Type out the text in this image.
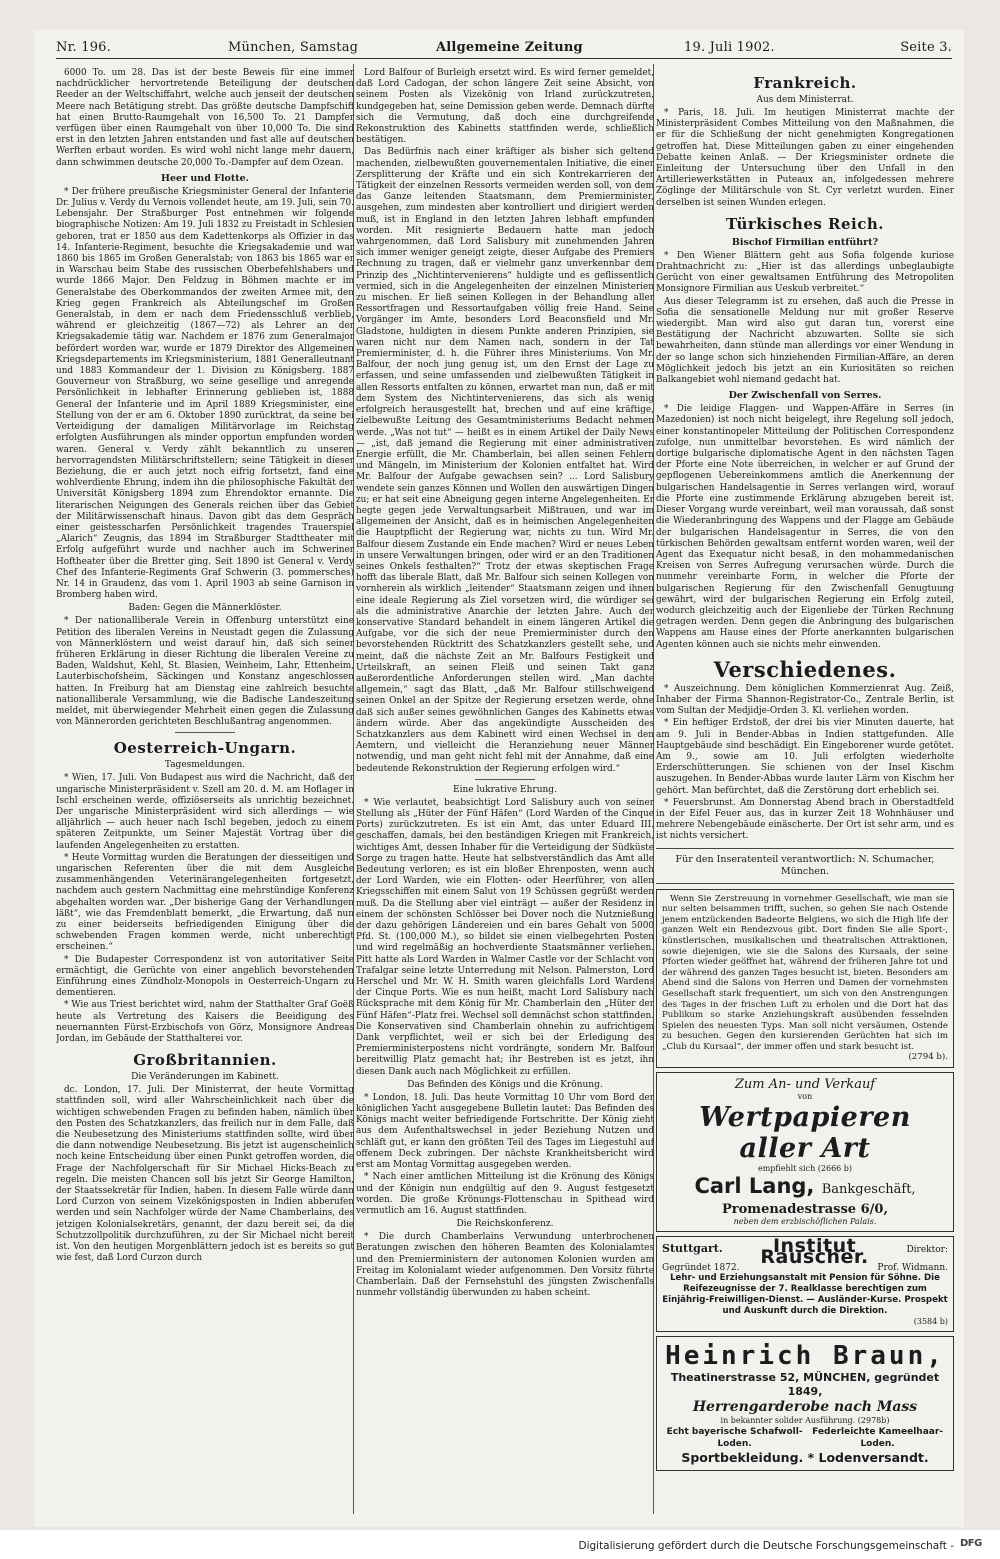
Nr. 196.	München, Samstag	Allgemeine Zeitung	19. Juli 1902.	Seite 3.

6000 To. um 28. Das ist der beste Beweis für eine immer nachdrücklicher hervortretende Beteiligung der deutschen Reeder an der Weltschiffahrt, welche auch jenseit der deutschen Meere nach Betätigung strebt. Das größte deutsche Dampfschiff hat einen Brutto-Raumgehalt von 16,500 To. 21 Dampfer verfügen über einen Raumgehalt von über 10,000 To. Die sind erst in den letzten Jahren entstanden und fast alle auf deutschen Werften erbaut worden. Es wird wohl nicht lange mehr dauern, dann schwimmen deutsche 20,000 To.-Dampfer auf dem Ozean.

Heer und Flotte.

* Der frühere preußische Kriegsminister General der Infanterie Dr. Julius v. Verdy du Vernois vollendet heute, am 19. Juli, sein 70. Lebensjahr. Der Straßburger Post entnehmen wir folgende biographische Notizen: Am 19. Juli 1832 zu Freistadt in Schlesien geboren, trat er 1850 aus dem Kadettenkorps als Offizier in das 14. Infanterie-Regiment, besuchte die Kriegsakademie und war 1860 bis 1865 im Großen Generalstab; von 1863 bis 1865 war er in Warschau beim Stabe des russischen Oberbefehlshabers und wurde 1866 Major. Den Feldzug in Böhmen machte er im Generalstabe des Oberkommandos der zweiten Armee mit, den Krieg gegen Frankreich als Abteilungschef im Großen Generalstab, in dem er nach dem Friedensschluß verblieb, während er gleichzeitig (1867—72) als Lehrer an der Kriegsakademie tätig war. Nachdem er 1876 zum Generalmajor befördert worden war, wurde er 1879 Direktor des Allgemeinen Kriegsdepartements im Kriegsministerium, 1881 Generalleutnant und 1883 Kommandeur der 1. Division zu Königsberg. 1887 Gouverneur von Straßburg, wo seine gesellige und anregende Persönlichkeit in lebhafter Erinnerung geblieben ist, 1888 General der Infanterie und im April 1889 Kriegsminister, eine Stellung von der er am 6. Oktober 1890 zurücktrat, da seine bei Verteidigung der damaligen Militärvorlage im Reichstag erfolgten Ausführungen als minder opportun empfunden worden waren. General v. Verdy zählt bekanntlich zu unseren hervorragendsten Militärschriftstellern; seine Tätigkeit in dieser Beziehung, die er auch jetzt noch eifrig fortsetzt, fand eine wohlverdiente Ehrung, indem ihn die philosophische Fakultät der Universität Königsberg 1894 zum Ehrendoktor ernannte. Die literarischen Neigungen des Generals reichen über das Gebiet der Militärwissenschaft hinaus. Davon gibt das dem Gespräch einer geistesscharfen Persönlichkeit tragendes Trauerspiel „Alarich“ Zeugnis, das 1894 im Straßburger Stadttheater mit Erfolg aufgeführt wurde und nachher auch im Schweriner Hoftheater über die Bretter ging. Seit 1890 ist General v. Verdy Chef des Infanterie-Regiments Graf Schwerin (3. pommersches) Nr. 14 in Graudenz, das vom 1. April 1903 ab seine Garnison in Bromberg haben wird.

Baden: Gegen die Männerklöster.

* Der nationalliberale Verein in Offenburg unterstützt eine Petition des liberalen Vereins in Neustadt gegen die Zulassung von Männerklöstern und weist darauf hin, daß sich seiner früheren Erklärung in dieser Richtung die liberalen Vereine zu Baden, Waldshut, Kehl, St. Blasien, Weinheim, Lahr, Ettenheim, Lauterbischofsheim, Säckingen und Konstanz angeschlossen hatten. In Freiburg hat am Dienstag eine zahlreich besuchte nationalliberale Versammlung, wie die Badische Landeszeitung meldet, mit überwiegender Mehrheit einen gegen die Zulassung von Männerorden gerichteten Beschlußantrag angenommen.

Oesterreich-Ungarn.
Tagesmeldungen.

* Wien, 17. Juli. Von Budapest aus wird die Nachricht, daß der ungarische Ministerpräsident v. Szell am 20. d. M. am Hoflager in Ischl erscheinen werde, offiziöserseits als unrichtig bezeichnet. Der ungarische Ministerpräsident wird sich allerdings — wie alljährlich — auch heuer nach Ischl begeben, jedoch zu einem späteren Zeitpunkte, um Seiner Majestät Vortrag über die laufenden Angelegenheiten zu erstatten.

* Heute Vormittag wurden die Beratungen der diesseitigen und ungarischen Referenten über die mit dem Ausgleiche zusammenhängenden Veterinärangelegenheiten fortgesetzt, nachdem auch gestern Nachmittag eine mehrstündige Konferenz abgehalten worden war. „Der bisherige Gang der Verhandlungen läßt“, wie das Fremdenblatt bemerkt, „die Erwartung, daß nun zu einer beiderseits befriedigenden Einigung über die schwebenden Fragen kommen werde, nicht unberechtigt erscheinen.“

* Die Budapester Correspondenz ist von autoritativer Seite ermächtigt, die Gerüchte von einer angeblich bevorstehenden Einführung eines Zündholz-Monopols in Oesterreich-Ungarn zu dementieren.

* Wie aus Triest berichtet wird, nahm der Statthalter Graf Goëß heute als Vertretung des Kaisers die Beeidigung des neuernannten Fürst-Erzbischofs von Görz, Monsignore Andreas Jordan, im Gebäude der Statthalterei vor.

Großbritannien.
Die Veränderungen im Kabinett.

dc. London, 17. Juli. Der Ministerrat, der heute Vormittag stattfinden soll, wird aller Wahrscheinlichkeit nach über die wichtigen schwebenden Fragen zu befinden haben, nämlich über den Posten des Schatzkanzlers, das freilich nur in dem Falle, daß die Neubesetzung des Ministeriums stattfinden sollte, wird über die dann notwendige Neubesetzung. Bis jetzt ist augenscheinlich noch keine Entscheidung über einen Punkt getroffen worden, die Frage der Nachfolgerschaft für Sir Michael Hicks-Beach zu regeln. Die meisten Chancen soll bis jetzt Sir George Hamilton, der Staatssekretär für Indien, haben. In diesem Falle würde dann Lord Curzon von seinem Vizekönigsposten in Indien abberufen werden und sein Nachfolger würde der Name Chamberlains, des jetzigen Kolonialsekretärs, genannt, der dazu bereit sei, da die Schutzzollpolitik durchzuführen, zu der Sir Michael nicht bereit ist. Von den heutigen Morgenblättern jedoch ist es bereits so gut wie fest, daß Lord Curzon durch

Lord Balfour of Burleigh ersetzt wird. Es wird ferner gemeldet, daß Lord Cadogan, der schon längere Zeit seine Absicht, von seinem Posten als Vizekönig von Irland zurückzutreten, kundgegeben hat, seine Demission geben werde. Demnach dürfte sich die Vermutung, daß doch eine durchgreifende Rekonstruktion des Kabinetts stattfinden werde, schließlich bestätigen.

Das Bedürfnis nach einer kräftiger als bisher sich geltend machenden, zielbewußten gouvernementalen Initiative, die einer Zersplitterung der Kräfte und ein sich Kontrekarrieren der Tätigkeit der einzelnen Ressorts vermeiden werden soll, von dem das Ganze leitenden Staatsmann, dem Premierminister, ausgehen, zum mindesten aber kontrolliert und dirigiert werden muß, ist in England in den letzten Jahren lebhaft empfunden worden. Mit resignierte Bedauern hatte man jedoch wahrgenommen, daß Lord Salisbury mit zunehmenden Jahren sich immer weniger geneigt zeigte, dieser Aufgabe des Premiers Rechnung zu tragen, daß er vielmehr ganz unverkennbar dem Prinzip des „Nichtintervenierens“ huldigte und es geflissentlich vermied, sich in die Angelegenheiten der einzelnen Ministerien zu mischen. Er ließ seinen Kollegen in der Behandlung aller Ressortfragen und Ressortaufgaben völlig freie Hand. Seine Vorgänger im Amte, besonders Lord Beaconsfield und Mr. Gladstone, huldigten in diesem Punkte anderen Prinzipien, sie waren nicht nur dem Namen nach, sondern in der Tat Premierminister, d. h. die Führer ihres Ministeriums. Von Mr. Balfour, der noch jung genug ist, um den Ernst der Lage zu erfassen, und seine umfassenden und zielbewußten Tätigkeit in allen Ressorts entfalten zu können, erwartet man nun, daß er mit dem System des Nichtintervenierens, das sich als wenig erfolgreich herausgestellt hat, brechen und auf eine kräftige, zielbewußte Leitung des Gesamtministeriums Bedacht nehmen werde. „Was not tut“ — heißt es in einem Artikel der Daily News — „ist, daß jemand die Regierung mit einer administrativen Energie erfüllt, die Mr. Chamberlain, bei allen seinen Fehlern und Mängeln, im Ministerium der Kolonien entfaltet hat. Wird Mr. Balfour der Aufgabe gewachsen sein? ... Lord Salisbury wendete sein ganzes Können und Wollen den auswärtigen Dingen zu; er hat seit eine Abneigung gegen interne Angelegenheiten. Er hegte gegen jede Verwaltungsarbeit Mißtrauen, und war im allgemeinen der Ansicht, daß es in heimischen Angelegenheiten die Hauptpflicht der Regierung war, nichts zu tun. Wird Mr. Balfour diesem Zustande ein Ende machen? Wird er neues Leben in unsere Verwaltungen bringen, oder wird er an den Traditionen seines Onkels festhalten?“ Trotz der etwas skeptischen Frage hofft das liberale Blatt, daß Mr. Balfour sich seinen Kollegen von vornherein als wirklich „leitender“ Staatsmann zeigen und ihnen eine ideale Regierung als Ziel vorsetzen wird, die würdiger sei als die administrative Anarchie der letzten Jahre. Auch der konservative Standard behandelt in einem längeren Artikel die Aufgabe, vor die sich der neue Premierminister durch den bevorstehenden Rücktritt des Schatzkanzlers gestellt sehe, und meint, daß die nächste Zeit an Mr. Balfours Festigkeit und Urteilskraft, an seinen Fleiß und seinen Takt ganz außerordentliche Anforderungen stellen wird. „Man dachte allgemein,“ sagt das Blatt, „daß Mr. Balfour stillschweigend seinen Onkel an der Spitze der Regierung ersetzen werde, ohne daß sich außer seines gewöhnlichen Ganges des Kabinetts etwas ändern würde. Aber das angekündigte Ausscheiden des Schatzkanzlers aus dem Kabinett wird einen Wechsel in den Aemtern, und vielleicht die Heranziehung neuer Männer notwendig, und man geht nicht fehl mit der Annahme, daß eine bedeutende Rekonstruktion der Regierung erfolgen wird.“

Eine lukrative Ehrung.

* Wie verlautet, beabsichtigt Lord Salisbury auch von seiner Stellung als „Hüter der Fünf Häfen“ (Lord Warden of the Cinque Ports) zurückzutreten. Es ist ein Amt, das unter Eduard III. geschaffen, damals, bei den beständigen Kriegen mit Frankreich, wichtiges Amt, dessen Inhaber für die Verteidigung der Südküste Sorge zu tragen hatte. Heute hat selbstverständlich das Amt alle Bedeutung verloren; es ist ein bloßer Ehrenposten, wenn auch der Lord Warden, wie ein Flotten- oder Heerführer, von allen Kriegsschiffen mit einem Salut von 19 Schüssen gegrüßt werden muß. Da die Stellung aber viel einträgt — außer der Residenz in einem der schönsten Schlösser bei Dover noch die Nutznießung der dazu gehörigen Ländereien und ein bares Gehalt von 5000 Pfd. St. (100,000 M.), so bildet sie einen vielbegehrten Posten und wird regelmäßig an hochverdiente Staatsmänner verliehen. Pitt hatte als Lord Warden in Walmer Castle vor der Schlacht von Trafalgar seine letzte Unterredung mit Nelson. Palmerston, Lord Herschel und Mr. W. H. Smith waren gleichfalls Lord Wardens der Cinque Ports. Wie es nun heißt, macht Lord Salisbury nach Rücksprache mit dem König für Mr. Chamberlain den „Hüter der Fünf Häfen“-Platz frei. Wechsel soll demnächst schon stattfinden. Die Konservativen sind Chamberlain ohnehin zu aufrichtigem Dank verpflichtet, weil er sich bei der Erledigung des Premierministerpostens nicht vordrängte, sondern Mr. Balfour bereitwillig Platz gemacht hat; ihr Bestreben ist es jetzt, ihn diesen Dank auch nach Möglichkeit zu erfüllen.

Das Befinden des Königs und die Krönung.

* London, 18. Juli. Das heute Vormittag 10 Uhr vom Bord der königlichen Yacht ausgegebene Bulletin lautet: Das Befinden des Königs macht weiter befriedigende Fortschritte. Der König zieht aus dem Aufenthaltswechsel in jeder Beziehung Nutzen und schläft gut, er kann den größten Teil des Tages im Liegestuhl auf offenem Deck zubringen. Der nächste Krankheitsbericht wird erst am Montag Vormittag ausgegeben werden.

* Nach einer amtlichen Mitteilung ist die Krönung des Königs und der Königin nun endgültig auf den 9. August festgesetzt worden. Die große Krönungs-Flottenschau in Spithead wird vermutlich am 16. August stattfinden.

Die Reichskonferenz.

* Die durch Chamberlains Verwundung unterbrochenen Beratungen zwischen den höheren Beamten des Kolonialamtes und den Premierministern der autonomen Kolonien wurden am Freitag im Kolonialamt wieder aufgenommen. Den Vorsitz führte Chamberlain. Daß der Fernsehstuhl des jüngsten Zwischenfalls nunmehr vollständig überwunden zu haben scheint.

Frankreich.
Aus dem Ministerrat.

* Paris, 18. Juli. Im heutigen Ministerrat machte der Ministerpräsident Combes Mitteilung von den Maßnahmen, die er für die Schließung der nicht genehmigten Kongregationen getroffen hat. Diese Mitteilungen gaben zu einer eingehenden Debatte keinen Anlaß. — Der Kriegsminister ordnete die Einleitung der Untersuchung über den Unfall in den Artilleriewerkstätten in Puteaux an, infolgedessen mehrere Zöglinge der Militärschule von St. Cyr verletzt wurden. Einer derselben ist seinen Wunden erlegen.

Türkisches Reich.
Bischof Firmilian entführt?

* Den Wiener Blättern geht aus Sofia folgende kuriose Drahtnachricht zu: „Hier ist das allerdings unbeglaubigte Gerücht von einer gewaltsamen Entführung des Metropoliten Monsignore Firmilian aus Ueskub verbreitet.“

Aus dieser Telegramm ist zu ersehen, daß auch die Presse in Sofia die sensationelle Meldung nur mit großer Reserve wiedergibt. Man wird also gut daran tun, vorerst eine Bestätigung der Nachricht abzuwarten. Sollte sie sich bewahrheiten, dann stünde man allerdings vor einer Wendung in der so lange schon sich hinziehenden Firmilian-Affäre, an deren Möglichkeit jedoch bis jetzt an ein Kuriositäten so reichen Balkangebiet wohl niemand gedacht hat.

Der Zwischenfall von Serres.

* Die leidige Flaggen- und Wappen-Affäre in Serres (in Mazedonien) ist noch nicht beigelegt, ihre Regelung soll jedoch, einer konstantinopeler Mitteilung der Politischen Correspondenz zufolge, nun unmittelbar bevorstehen. Es wird nämlich der dortige bulgarische diplomatische Agent in den nächsten Tagen der Pforte eine Note überreichen, in welcher er auf Grund der gepflogenen Uebereinkommens amtlich die Anerkennung der bulgarischen Handelsagentie in Serres verlangen wird, worauf die Pforte eine zustimmende Erklärung abzugeben bereit ist. Dieser Vorgang wurde vereinbart, weil man voraussah, daß sonst die Wiederanbringung des Wappens und der Flagge am Gebäude der bulgarischen Handelsagentur in Serres, die von den türkischen Behörden gewaltsam entfernt worden waren, weil der Agent das Exequatur nicht besaß, in den mohammedanischen Kreisen von Serres Aufregung verursachen würde. Durch die nunmehr vereinbarte Form, in welcher die Pforte der bulgarischen Regierung für den Zwischenfall Genugtuung gewährt, wird der bulgarischen Regierung ein Erfolg zuteil, wodurch gleichzeitig auch der Eigenliebe der Türken Rechnung getragen werden. Denn gegen die Anbringung des bulgarischen Wappens am Hause eines der Pforte anerkannten bulgarischen Agenten können auch sie nichts mehr einwenden.

Verschiedenes.

* Auszeichnung. Dem königlichen Kommerzienrat Aug. Zeiß, Inhaber der Firma Shannon-Registrator-Co., Zentrale Berlin, ist vom Sultan der Medjidje-Orden 3. Kl. verliehen worden.

* Ein heftiger Erdstoß, der drei bis vier Minuten dauerte, hat am 9. Juli in Bender-Abbas in Indien stattgefunden. Alle Hauptgebäude sind beschädigt. Ein Eingeborener wurde getötet. Am 9., sowie am 10. Juli erfolgten wiederholte Erderschütterungen. Sie schienen von der Insel Kischm auszugehen. In Bender-Abbas wurde lauter Lärm von Kischm her gehört. Man befürchtet, daß die Zerstörung dort erheblich sei.

* Feuersbrunst. Am Donnerstag Abend brach in Oberstadtfeld in der Eifel Feuer aus, das in kurzer Zeit 18 Wohnhäuser und mehrere Nebengebäude einäscherte. Der Ort ist sehr arm, und es ist nichts versichert.

Für den Inseratenteil verantwortlich: N. Schumacher, München.

Wenn Sie Zerstreuung in vornehmer Gesellschaft, wie man sie nur selten beisammen trifft, suchen, so gehen Sie nach Ostende jenem entzückenden Badeorte Belgiens, wo sich die High life der ganzen Welt ein Rendezvous gibt. Dort finden Sie alle Sport-, künstlerischen, musikalischen und theatralischen Attraktionen, sowie diejenigen, wie sie die Salons des Kursaals, der seine Pforten wieder geöffnet hat, während der früheren Jahre tot und der während des ganzen Tages besucht ist, bieten. Besonders am Abend sind die Salons von Herren und Damen der vornehmsten Gesellschaft stark frequentiert, um sich von den Anstrengungen des Tages in der frischen Luft zu erholen und die Dort hat das Publikum so starke Anziehungskraft ausübenden fesselnden Spielen des neuesten Typs. Man soll nicht versäumen, Ostende zu besuchen. Gegen den kursierenden Gerüchten hat sich im „Club du Kursaal“, der immer offen und stark besucht ist.

(2794 b).
Zum An- und Verkauf
von
Wertpapieren aller Art
empfiehlt sich (2666 b)
Carl Lang, Bankgeschäft,
Promenadestrasse 6/0,
neben dem erzbischöflichen Palais.
Stuttgart.	Institut Rauscher.	Direktor:
Gegründet 1872.	Prof. Widmann.
Lehr- und Erziehungsanstalt mit Pension für Söhne. Die Reifezeugnisse der 7. Realklasse berechtigen zum Einjährig-Freiwilligen-Dienst. — Ausländer-Kurse. Prospekt und Auskunft durch die Direktion.
(3584 b)
Heinrich Braun,
Theatinerstrasse 52, MÜNCHEN, gegründet 1849,
Herrengarderobe nach Mass
in bekannter solider Ausführung. (2978b)
Echt bayerische Schafwoll-Loden.
Federleichte Kameelhaar-Loden.
Sportbekleidung. * Lodenversandt.
Digitalisierung gefördert durch die Deutsche Forschungsgemeinschaft - DFG
